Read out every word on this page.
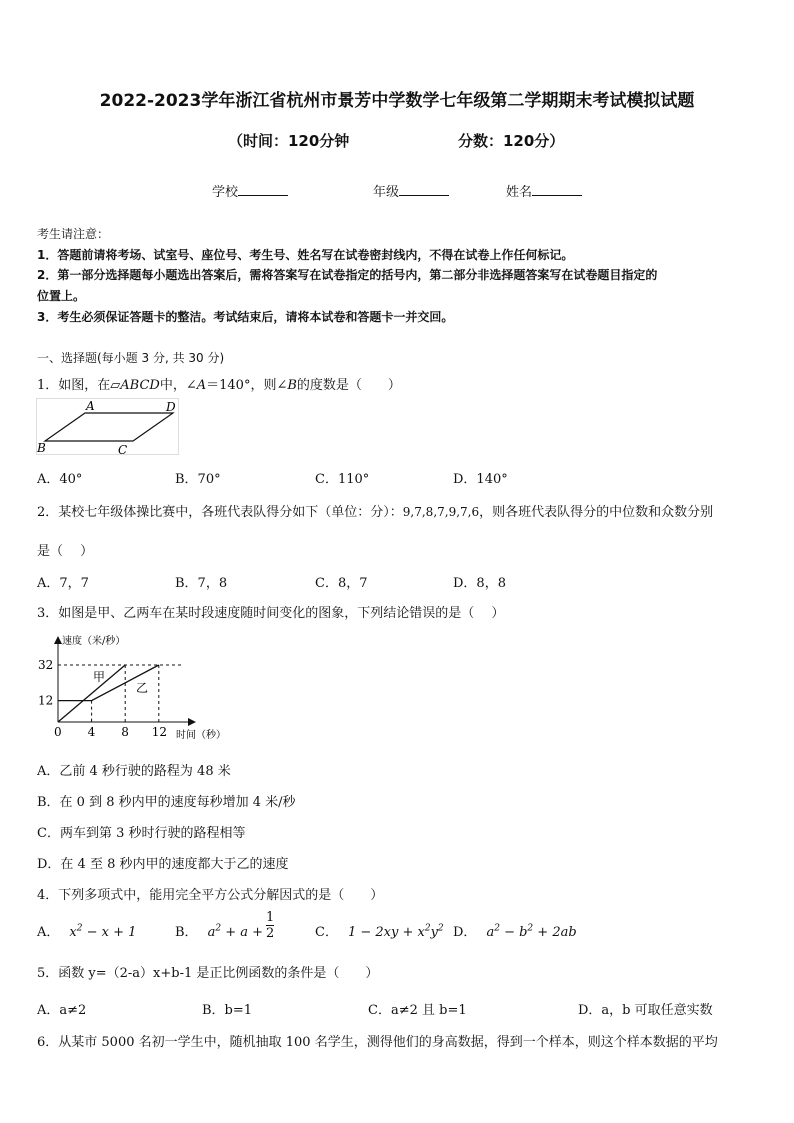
2022-2023学年浙江省杭州市景芳中学数学七年级第二学期期末考试模拟试题
（时间：120分钟	分数：120分）
学校	年级	姓名
考生请注意：
1．答题前请将考场、试室号、座位号、考生号、姓名写在试卷密封线内，不得在试卷上作任何标记。
2．第一部分选择题每小题选出答案后，需将答案写在试卷指定的括号内，第二部分非选择题答案写在试卷题目指定的
位置上。
3．考生必须保证答题卡的整洁。考试结束后，请将本试卷和答题卡一并交回。
一、选择题(每小题 3 分, 共 30 分)
1．如图，在▱ABCD中，∠A＝140°，则∠B的度数是（　　）
A	D
B	C
A．40°	B．70°	C．110°	D．140°
2．某校七年级体操比赛中，各班代表队得分如下（单位：分）：9,7,8,7,9,7,6，则各班代表队得分的中位数和众数分别
是（　 ）
A．7，7	B．7，8	C．8，7	D．8，8
3．如图是甲、乙两车在某时段速度随时间变化的图象，下列结论错误的是（　 ）
速度（米/秒）
时间（秒）
0 4 8 12
12
32
甲
乙
A．乙前 4 秒行驶的路程为 48 米
B．在 0 到 8 秒内甲的速度每秒增加 4 米/秒
C．两车到第 3 秒时行驶的路程相等
D．在 4 至 8 秒内甲的速度都大于乙的速度
4．下列多项式中，能用完全平方公式分解因式的是（　　）
A． $x^2 - x + 1$	B． $a^2 + a + \frac{1}{2}$	C． $1 - 2xy + x^2y^2$ D． $a^2 - b^2 + 2ab$
5．函数 y=（2-a）x+b-1 是正比例函数的条件是（　　）
A．a≠2	B．b=1	C．a≠2 且 b=1	D．a，b 可取任意实数
6．从某市 5000 名初一学生中，随机抽取 100 名学生，测得他们的身高数据，得到一个样本，则这个样本数据的平均
